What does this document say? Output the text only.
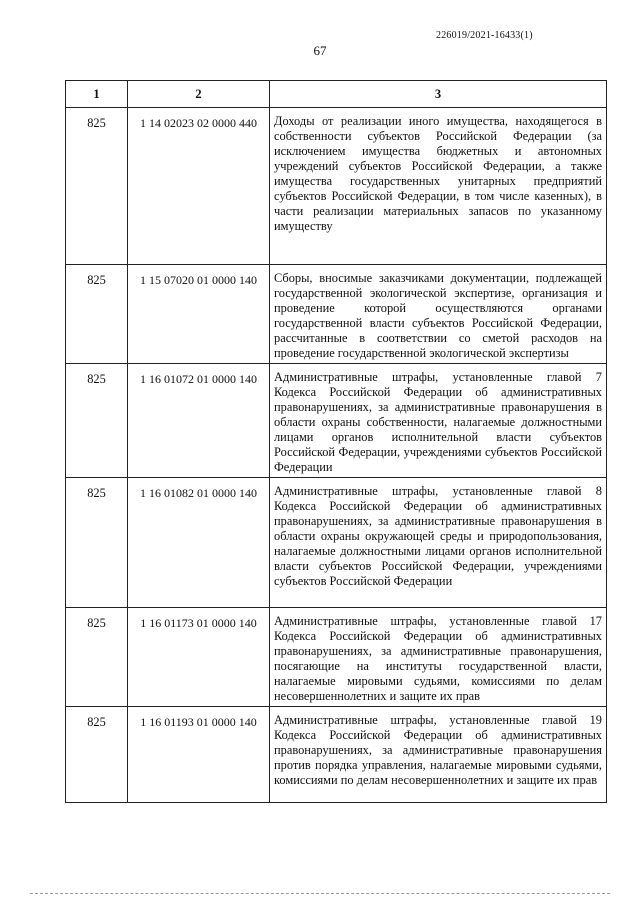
226019/2021-16433(1)
67
1	2	3
825	1 14 02023 02 0000 440	Доходы от реализации иного имущества, находящегося в собственности субъектов Российской Федерации (за исключением имущества бюджетных и автономных учреждений субъектов Российской Федерации, а также имущества государственных унитарных предприятий субъектов Российской Федерации, в том числе казенных), в части реализации материальных запасов по указанному имуществу
825	1 15 07020 01 0000 140	Сборы, вносимые заказчиками документации, подлежащей государственной экологической экспертизе, организация и проведение которой осуществляются органами государственной власти субъектов Российской Федерации, рассчитанные в соответствии со сметой расходов на проведение государственной экологической экспертизы
825	1 16 01072 01 0000 140	Административные штрафы, установленные главой 7 Кодекса Российской Федерации об административных правонарушениях, за административные правонарушения в области охраны собственности, налагаемые должностными лицами органов исполнительной власти субъектов Российской Федерации, учреждениями субъектов Российской Федерации
825	1 16 01082 01 0000 140	Административные штрафы, установленные главой 8 Кодекса Российской Федерации об административных правонарушениях, за административные правонарушения в области охраны окружающей среды и природопользования, налагаемые должностными лицами органов исполнительной власти субъектов Российской Федерации, учреждениями субъектов Российской Федерации
825	1 16 01173 01 0000 140	Административные штрафы, установленные главой 17 Кодекса Российской Федерации об административных правонарушениях, за административные правонарушения, посягающие на институты государственной власти, налагаемые мировыми судьями, комиссиями по делам несовершеннолетних и защите их прав
825	1 16 01193 01 0000 140	Административные штрафы, установленные главой 19 Кодекса Российской Федерации об административных правонарушениях, за административные правонарушения против порядка управления, налагаемые мировыми судьями, комиссиями по делам несовершеннолетних и защите их прав
